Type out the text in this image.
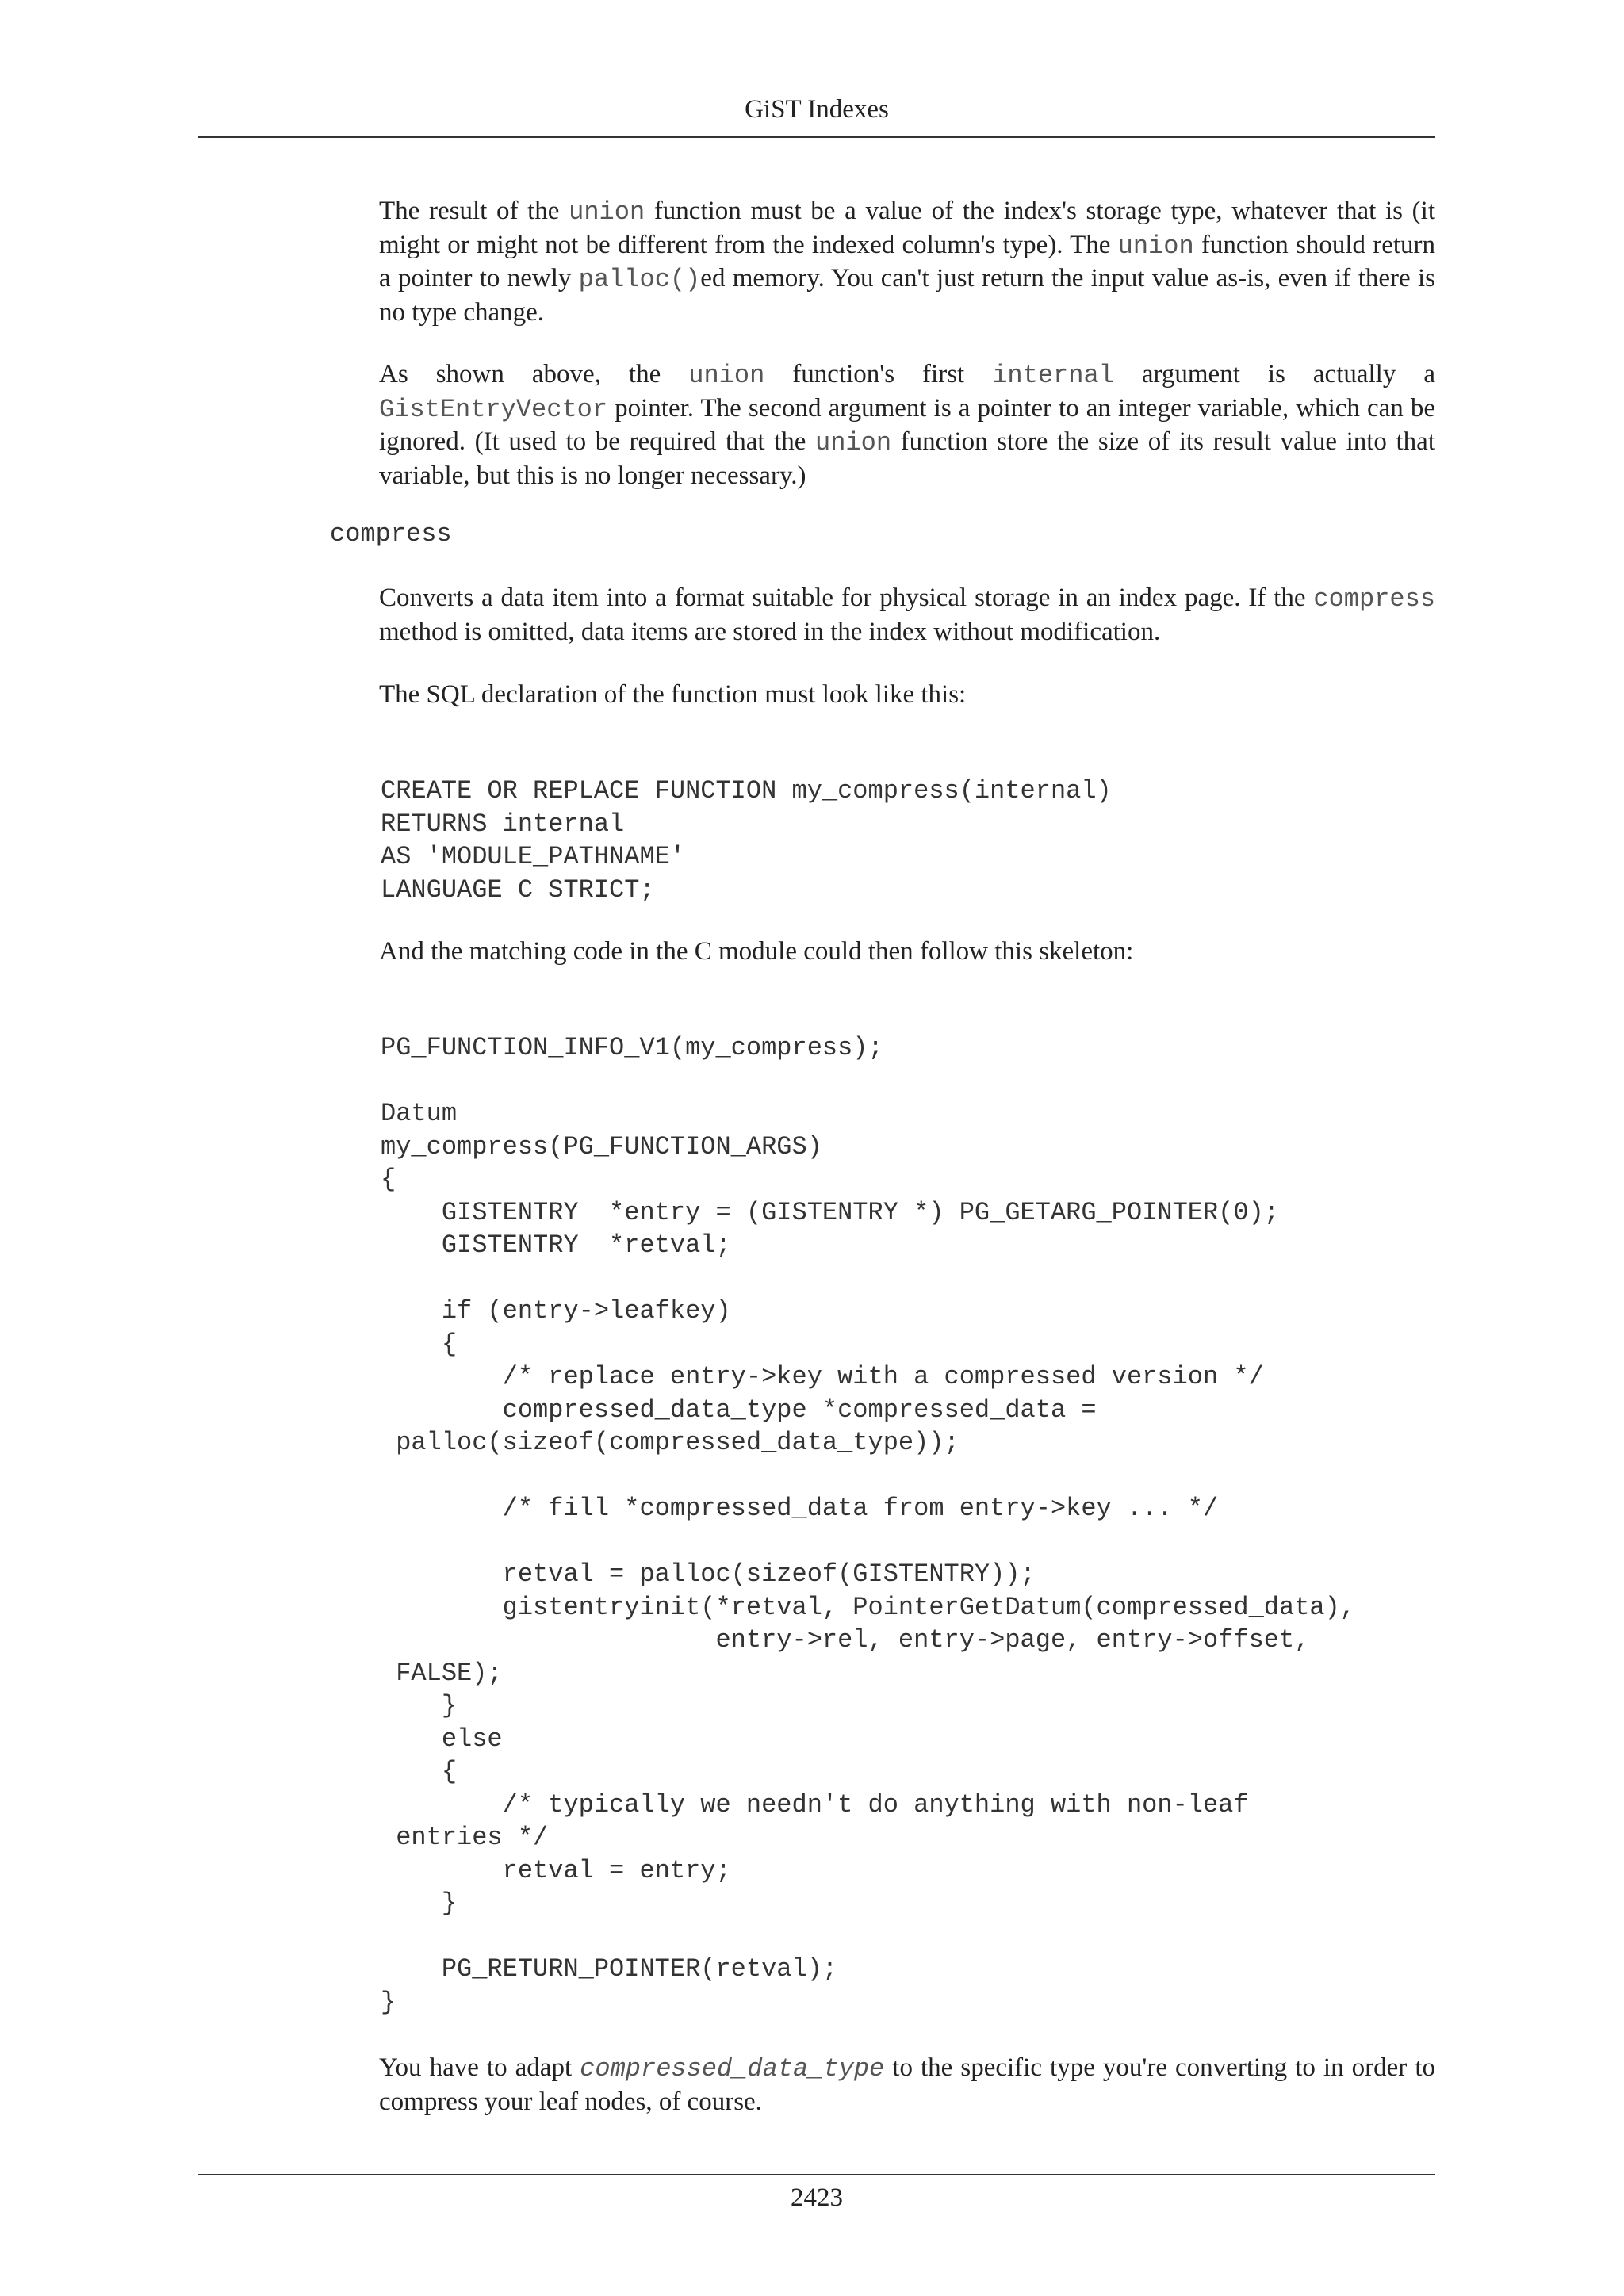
GiST Indexes

The result of the union function must be a value of the index's storage type, whatever that is (it might or might not be different from the indexed column's type). The union function should return a pointer to newly palloc()ed memory. You can't just return the input value as-is, even if there is no type change.

As shown above, the union function's first internal argument is actually a GistEntryVector pointer. The second argument is a pointer to an integer variable, which can be ignored. (It used to be required that the union function store the size of its result value into that variable, but this is no longer necessary.)

compress

Converts a data item into a format suitable for physical storage in an index page. If the compress method is omitted, data items are stored in the index without modification.

The SQL declaration of the function must look like this:

CREATE OR REPLACE FUNCTION my_compress(internal)
RETURNS internal
AS 'MODULE_PATHNAME'
LANGUAGE C STRICT;

And the matching code in the C module could then follow this skeleton:

PG_FUNCTION_INFO_V1(my_compress);

Datum
my_compress(PG_FUNCTION_ARGS)
{
GISTENTRY  *entry = (GISTENTRY *) PG_GETARG_POINTER(0);
GISTENTRY  *retval;

if (entry->leafkey)
{
/* replace entry->key with a compressed version */
compressed_data_type *compressed_data =
palloc(sizeof(compressed_data_type));

/* fill *compressed_data from entry->key ... */

retval = palloc(sizeof(GISTENTRY));
gistentryinit(*retval, PointerGetDatum(compressed_data),
entry->rel, entry->page, entry->offset,
FALSE);
}
else
{
/* typically we needn't do anything with non-leaf
entries */
retval = entry;
}

PG_RETURN_POINTER(retval);
}

You have to adapt compressed_data_type to the specific type you're converting to in order to compress your leaf nodes, of course.

2423
